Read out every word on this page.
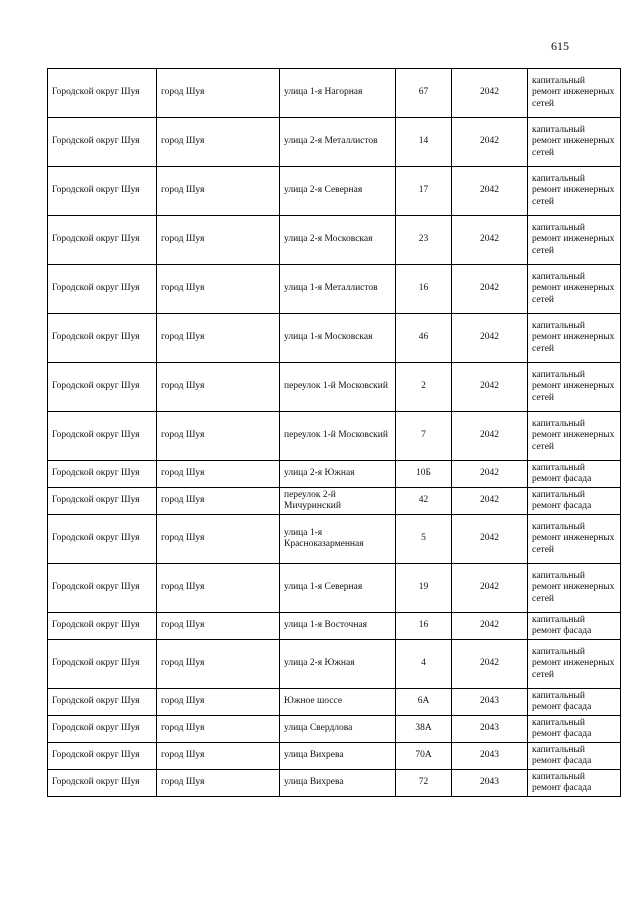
615
Городской округ Шуя	город Шуя	улица 1-я Нагорная	67	2042	капитальный ремонт инженерных сетей
Городской округ Шуя	город Шуя	улица 2-я Металлистов	14	2042	капитальный ремонт инженерных сетей
Городской округ Шуя	город Шуя	улица 2-я Северная	17	2042	капитальный ремонт инженерных сетей
Городской округ Шуя	город Шуя	улица 2-я Московская	23	2042	капитальный ремонт инженерных сетей
Городской округ Шуя	город Шуя	улица 1-я Металлистов	16	2042	капитальный ремонт инженерных сетей
Городской округ Шуя	город Шуя	улица 1-я Московская	46	2042	капитальный ремонт инженерных сетей
Городской округ Шуя	город Шуя	переулок 1-й Московский	2	2042	капитальный ремонт инженерных сетей
Городской округ Шуя	город Шуя	переулок 1-й Московский	7	2042	капитальный ремонт инженерных сетей
Городской округ Шуя	город Шуя	улица 2-я Южная	10Б	2042	капитальный ремонт фасада
Городской округ Шуя	город Шуя	переулок 2-й Мичуринский	42	2042	капитальный ремонт фасада
Городской округ Шуя	город Шуя	улица 1-я Красноказарменная	5	2042	капитальный ремонт инженерных сетей
Городской округ Шуя	город Шуя	улица 1-я Северная	19	2042	капитальный ремонт инженерных сетей
Городской округ Шуя	город Шуя	улица 1-я Восточная	16	2042	капитальный ремонт фасада
Городской округ Шуя	город Шуя	улица 2-я Южная	4	2042	капитальный ремонт инженерных сетей
Городской округ Шуя	город Шуя	Южное шоссе	6А	2043	капитальный ремонт фасада
Городской округ Шуя	город Шуя	улица Свердлова	38А	2043	капитальный ремонт фасада
Городской округ Шуя	город Шуя	улица Вихрева	70А	2043	капитальный ремонт фасада
Городской округ Шуя	город Шуя	улица Вихрева	72	2043	капитальный ремонт фасада
